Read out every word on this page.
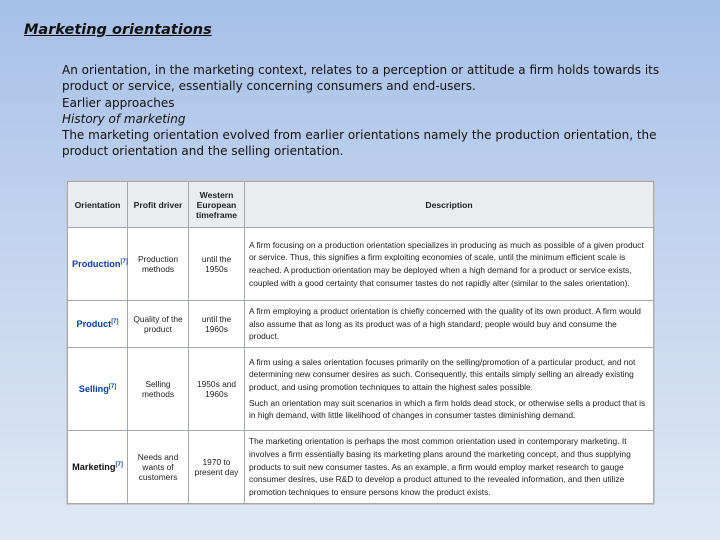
Marketing orientations

An orientation, in the marketing context, relates to a perception or attitude a firm holds towards its product or service, essentially concerning consumers and end-users.

Earlier approaches

History of marketing

The marketing orientation evolved from earlier orientations namely the production orientation, the product orientation and the selling orientation.

Orientation	Profit driver	Western European timeframe	Description
Production[7]	Production methods	until the 1950s	A firm focusing on a production orientation specializes in producing as much as possible of a given product or service. Thus, this signifies a firm exploiting economies of scale, until the minimum efficient scale is reached. A production orientation may be deployed when a high demand for a product or service exists, coupled with a good certainty that consumer tastes do not rapidly alter (similar to the sales orientation).

Product[7]	Quality of the product	until the 1960s	A firm employing a product orientation is chiefly concerned with the quality of its own product. A firm would also assume that as long as its product was of a high standard, people would buy and consume the product.

Selling[7]	Selling methods	1950s and 1960s	A firm using a sales orientation focuses primarily on the selling/promotion of a particular product, and not determining new consumer desires as such. Consequently, this entails simply selling an already existing product, and using promotion techniques to attain the highest sales possible.

Such an orientation may suit scenarios in which a firm holds dead stock, or otherwise sells a product that is in high demand, with little likelihood of changes in consumer tastes diminishing demand.

Marketing[7]	Needs and wants of customers	1970 to present day	The marketing orientation is perhaps the most common orientation used in contemporary marketing. It involves a firm essentially basing its marketing plans around the marketing concept, and thus supplying products to suit new consumer tastes. As an example, a firm would employ market research to gauge consumer desires, use R&D to develop a product attuned to the revealed information, and then utilize promotion techniques to ensure persons know the product exists.
